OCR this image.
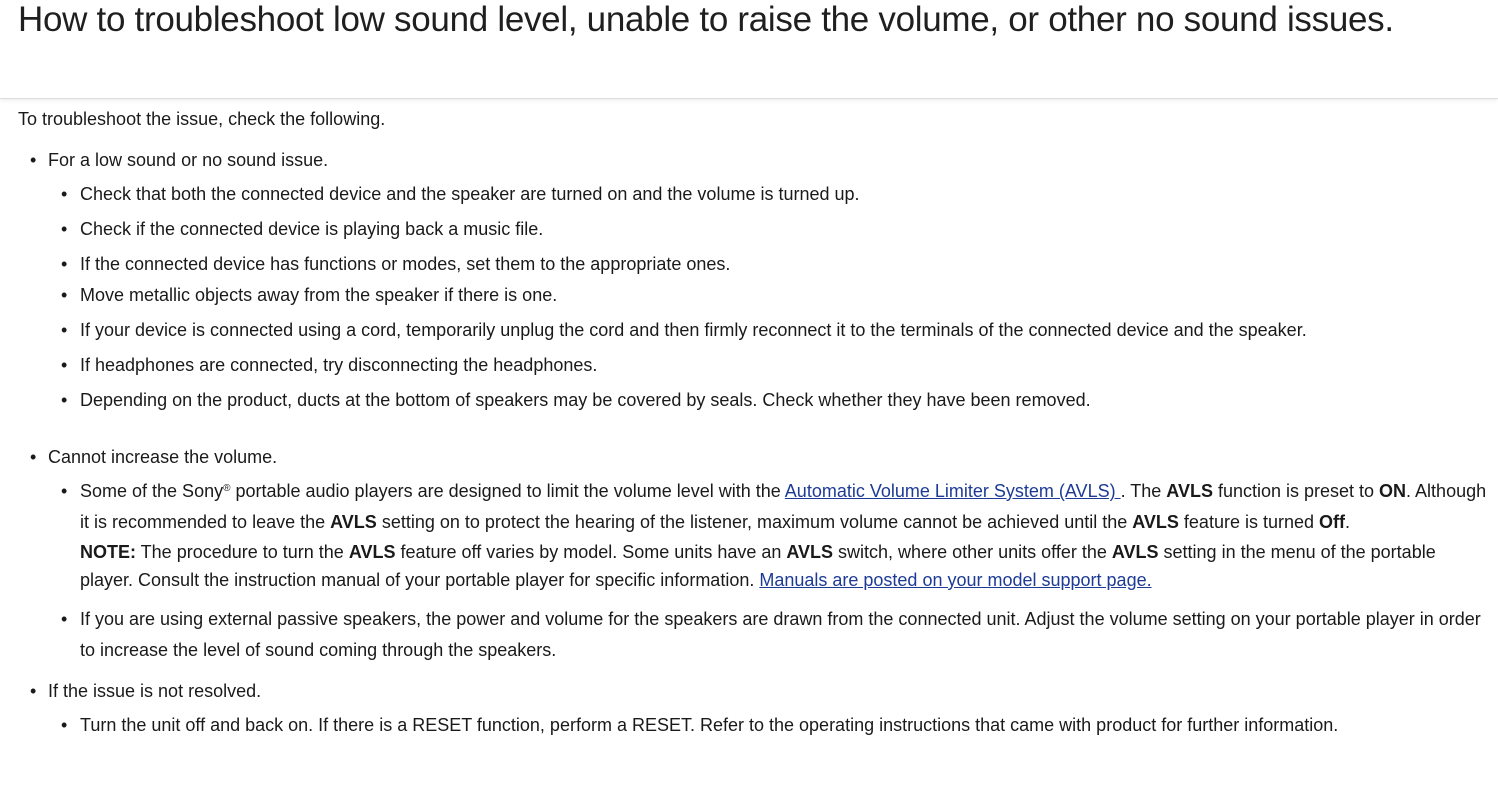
How to troubleshoot low sound level, unable to raise the volume, or other no sound issues.

To troubleshoot the issue, check the following.

• For a low sound or no sound issue.
• Check that both the connected device and the speaker are turned on and the volume is turned up.
• Check if the connected device is playing back a music file.
• If the connected device has functions or modes, set them to the appropriate ones.
• Move metallic objects away from the speaker if there is one.
• If your device is connected using a cord, temporarily unplug the cord and then firmly reconnect it to the terminals of the connected device and the speaker.
• If headphones are connected, try disconnecting the headphones.
• Depending on the product, ducts at the bottom of speakers may be covered by seals. Check whether they have been removed.
• Cannot increase the volume.
• Some of the Sony® portable audio players are designed to limit the volume level with the Automatic Volume Limiter System (AVLS) . The AVLS function is preset to ON. Although it is recommended to leave the AVLS setting on to protect the hearing of the listener, maximum volume cannot be achieved until the AVLS feature is turned Off.
NOTE: The procedure to turn the AVLS feature off varies by model. Some units have an AVLS switch, where other units offer the AVLS setting in the menu of the portable player. Consult the instruction manual of your portable player for specific information. Manuals are posted on your model support page.
• If you are using external passive speakers, the power and volume for the speakers are drawn from the connected unit. Adjust the volume setting on your portable player in order to increase the level of sound coming through the speakers.
• If the issue is not resolved.
• Turn the unit off and back on. If there is a RESET function, perform a RESET. Refer to the operating instructions that came with product for further information.
